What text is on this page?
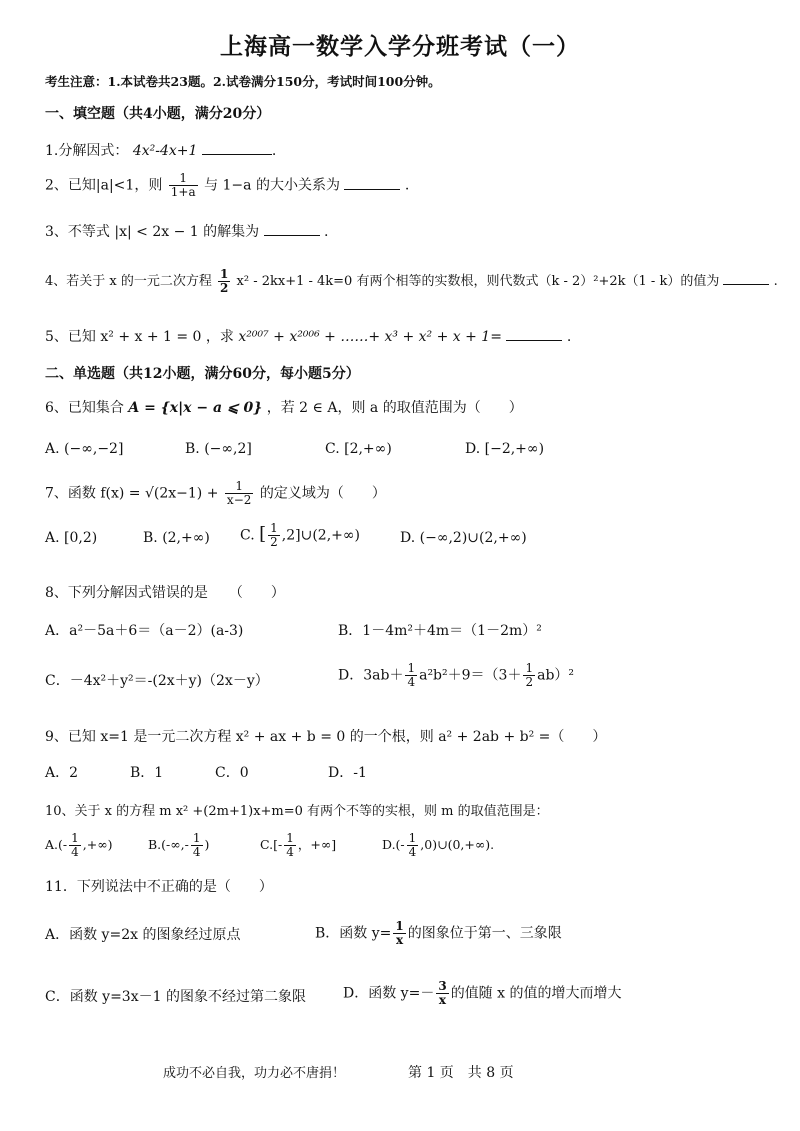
上海高一数学入学分班考试（一）
考生注意：1.本试卷共23题。2.试卷满分150分，考试时间100分钟。
一、填空题（共4小题，满分20分）
1.分解因式： 4x²-4x+1	.
2、已知|a|<1，则 $\frac{1}{1+a}$ 与 1−a 的大小关系为	.
3、不等式 |x| < 2x − 1 的解集为	.
4、若关于 x 的一元二次方程 $\frac{1}{2} x^2 - 2kx+1 - 4k=0$ 有两个相等的实数根，则代数式（k - 2）²+2k（1 - k）的值为	.
5、已知 x² + x + 1 = 0 ，求 x²⁰⁰⁷ + x²⁰⁰⁶ + ……+ x³ + x² + x + 1=	.
二、单选题（共12小题，满分60分，每小题5分）
6、已知集合 A = {x|x − a ⩽ 0} ，若 2 ∈ A，则 a 的取值范围为（　　）
A. (−∞,−2]	B. (−∞,2]	C. [2,+∞)	D. [−2,+∞)
7、函数 $f(x) = √(2x-1) + \frac{1}{x-2}$ 的定义域为（　　）
A. [0,2)	B. (2,+∞) C. [ $\frac{1}{2}$ ,2]∪(2,+∞)	D. (−∞,2)∪(2,+∞)
8、下列分解因式错误的是　　（　　）
A．a²－5a＋6＝（a－2）(a-3)	B．1－4m²＋4m＝（1－2m）²
C．－4x²＋y²＝-(2x＋y)（2x－y）	D．$3ab+ \frac{1}{4} a^2b^2+9=(3+ \frac{1}{2} ab)^2$
9、已知 x=1 是一元二次方程 x² + ax + b = 0 的一个根，则 a² + 2ab + b² =（　　）
A．2	B．1	C．0	D．-1
10、关于 x 的方程 m x² +(2m+1)x+m=0 有两个不等的实根，则 m 的取值范围是：
$A.(- \frac{1}{4}$ ,+∞)	$B.(-\infty,- \frac{1}{4}$ )	$C.[- \frac{1}{4}$ ，+∞]	$D.(- \frac{1}{4}$ ,0)∪(0,+∞).
11．下列说法中不正确的是（　　）
A．函数 y=2x 的图象经过原点	B．函数 $y= \frac{1}{x}$ 的图象位于第一、三象限
C．函数 y=3x－1 的图象不经过第二象限	D．函数 $y=- \frac{3}{x}$ 的值随 x 的值的增大而增大
成功不必自我，功力必不唐捐！	第 1 页　共 8 页
